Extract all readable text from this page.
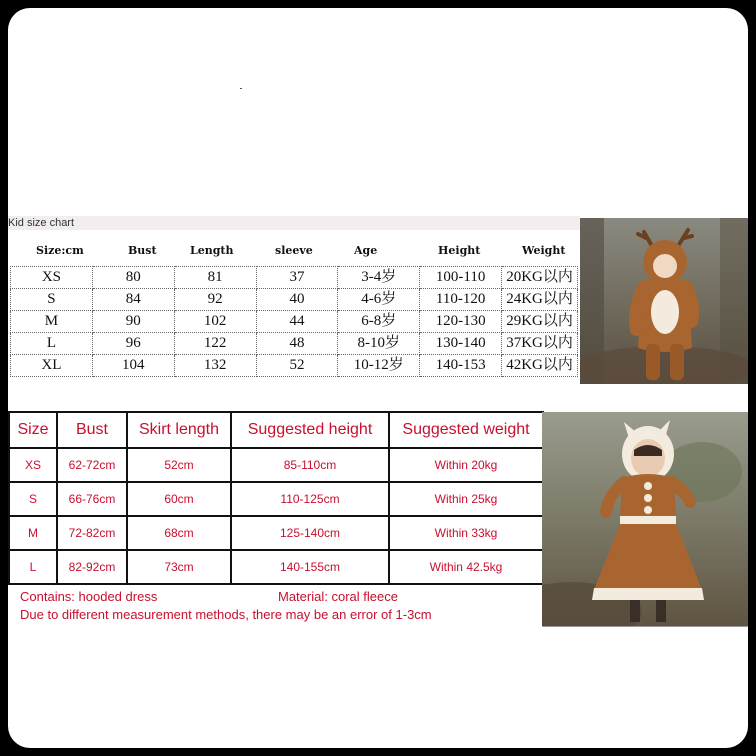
Kid size chart
Size:cm	Bust	Length	sleeve	Age	Height	Weight
XS	80	81	37	3-4岁	100-110	20KG以内
S	84	92	40	4-6岁	110-120	24KG以内
M	90	102	44	6-8岁	120-130	29KG以内
L	96	122	48	8-10岁	130-140	37KG以内
XL	104	132	52	10-12岁	140-153	42KG以内
Size	Bust	Skirt length	Suggested height	Suggested weight
XS	62-72cm	52cm	85-110cm	Within 20kg
S	66-76cm	60cm	110-125cm	Within 25kg
M	72-82cm	68cm	125-140cm	Within 33kg
L	82-92cm	73cm	140-155cm	Within 42.5kg
Contains: hooded dress	Material: coral fleece
Due to different measurement methods, there may be an error of 1-3cm
